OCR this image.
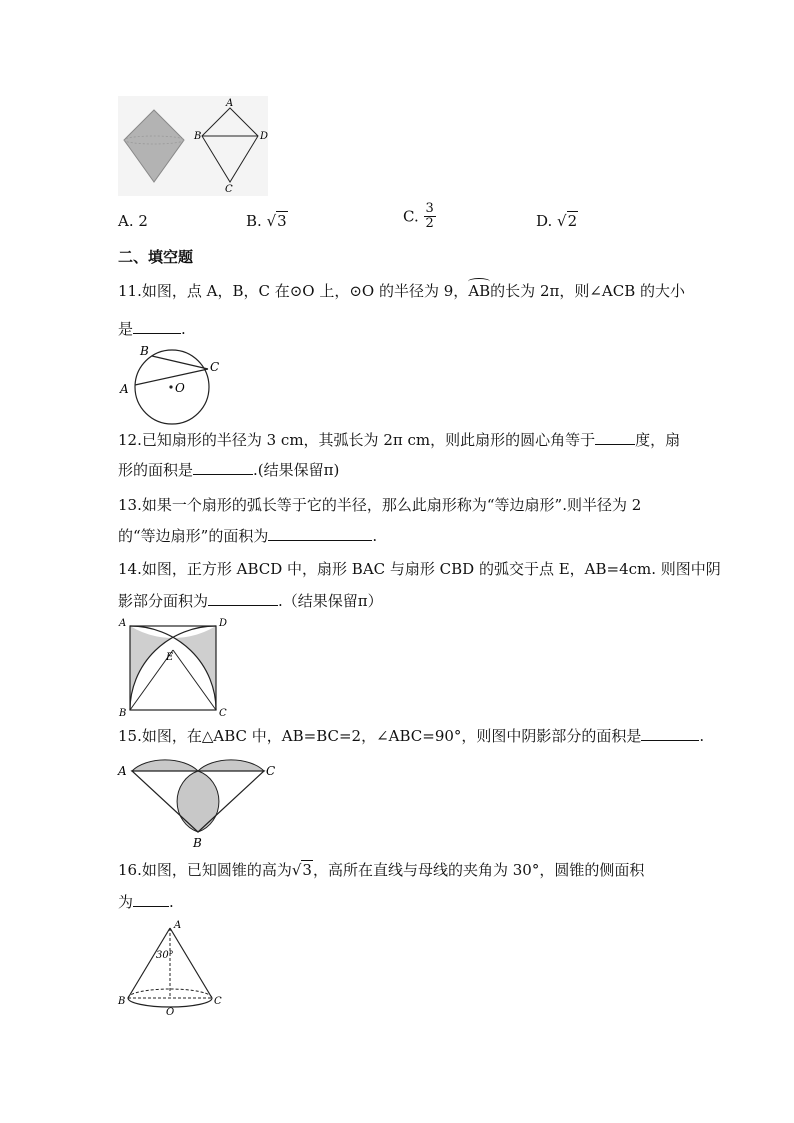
A
B
C
D
A. 2	B. √3	C. $\frac{3}{2}$	D. √2
二、填空题
11.如图，点 A，B，C 在⊙O 上，⊙O 的半径为 9，AB的长为 2π，则∠ACB 的大小
是	.
A
B
C
O
12.已知扇形的半径为 3 cm，其弧长为 2π cm，则此扇形的圆心角等于	度，扇
形的面积是	.(结果保留π)
13.如果一个扇形的弧长等于它的半径，那么此扇形称为“等边扇形”.则半径为 2
的“等边扇形”的面积为	.
14.如图，正方形 ABCD 中，扇形 BAC 与扇形 CBD 的弧交于点 E，AB=4cm. 则图中阴
影部分面积为	.（结果保留π）
A	D
B	C
E
15.如图，在△ABC 中，AB=BC=2，∠ABC=90°，则图中阴影部分的面积是	.
A	C
B
16.如图，已知圆锥的高为√3，高所在直线与母线的夹角为 30°，圆锥的侧面积
为 .
A
30°
B	C
O
